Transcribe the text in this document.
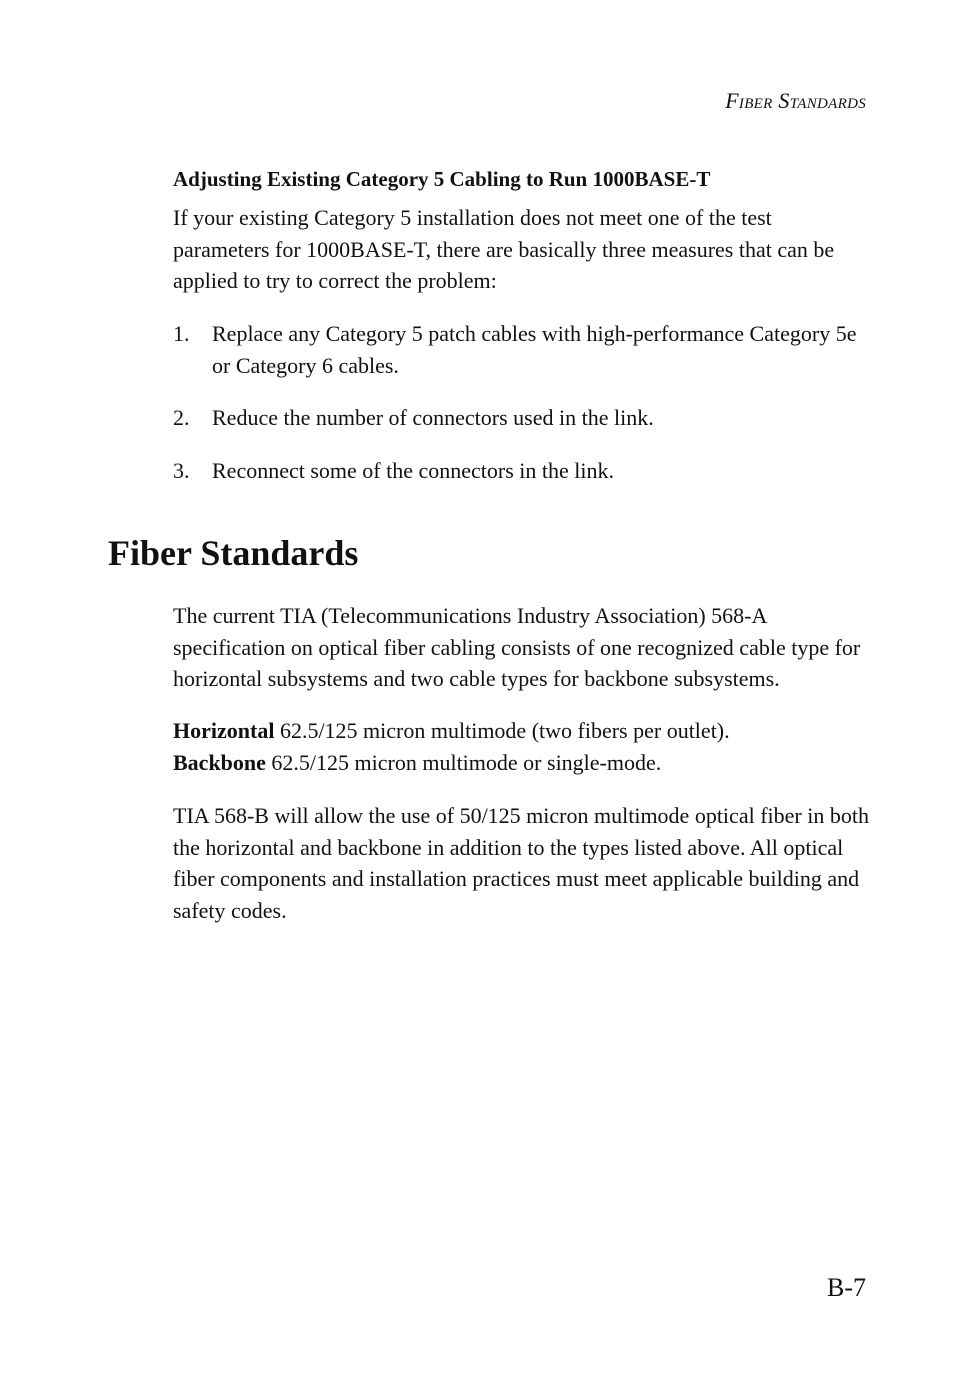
Fiber Standards
Adjusting Existing Category 5 Cabling to Run 1000BASE-T
If your existing Category 5 installation does not meet one of the test parameters for 1000BASE-T, there are basically three measures that can be applied to try to correct the problem:
1. Replace any Category 5 patch cables with high-performance Category 5e or Category 6 cables.
2. Reduce the number of connectors used in the link.
3. Reconnect some of the connectors in the link.
Fiber Standards
The current TIA (Telecommunications Industry Association) 568-A specification on optical fiber cabling consists of one recognized cable type for horizontal subsystems and two cable types for backbone subsystems.
Horizontal 62.5/125 micron multimode (two fibers per outlet).
Backbone 62.5/125 micron multimode or single-mode.
TIA 568-B will allow the use of 50/125 micron multimode optical fiber in both the horizontal and backbone in addition to the types listed above. All optical fiber components and installation practices must meet applicable building and safety codes.
B-7
